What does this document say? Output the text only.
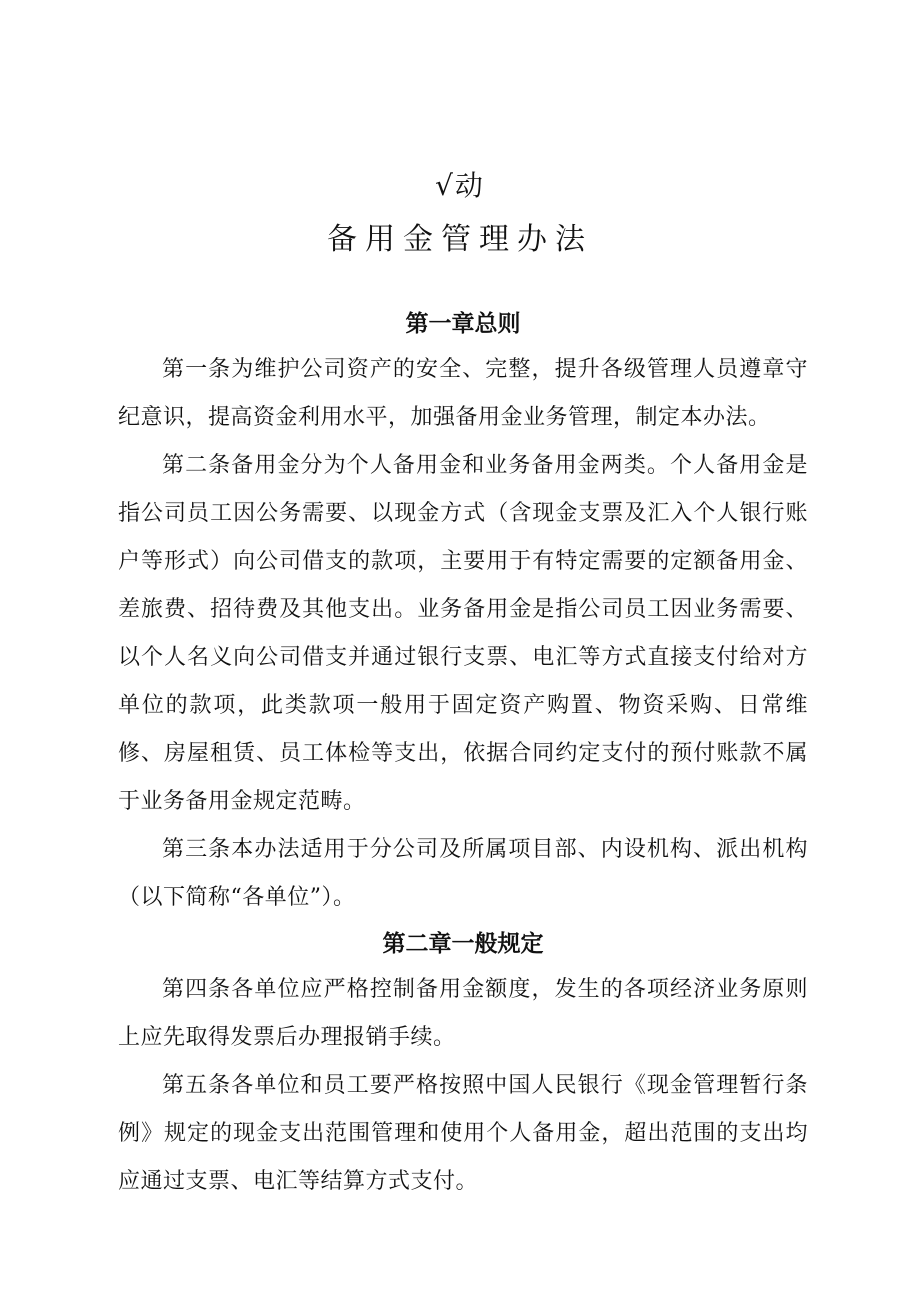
√动
备用金管理办法
第一章总则

第一条为维护公司资产的安全、完整，提升各级管理人员遵章守纪意识，提高资金利用水平，加强备用金业务管理，制定本办法。

第二条备用金分为个人备用金和业务备用金两类。个人备用金是指公司员工因公务需要、以现金方式（含现金支票及汇入个人银行账户等形式）向公司借支的款项，主要用于有特定需要的定额备用金、差旅费、招待费及其他支出。业务备用金是指公司员工因业务需要、以个人名义向公司借支并通过银行支票、电汇等方式直接支付给对方单位的款项，此类款项一般用于固定资产购置、物资采购、日常维修、房屋租赁、员工体检等支出，依据合同约定支付的预付账款不属于业务备用金规定范畴。

第三条本办法适用于分公司及所属项目部、内设机构、派出机构（以下简称“各单位”）。

第二章一般规定

第四条各单位应严格控制备用金额度，发生的各项经济业务原则上应先取得发票后办理报销手续。

第五条各单位和员工要严格按照中国人民银行《现金管理暂行条例》规定的现金支出范围管理和使用个人备用金，超出范围的支出均应通过支票、电汇等结算方式支付。
